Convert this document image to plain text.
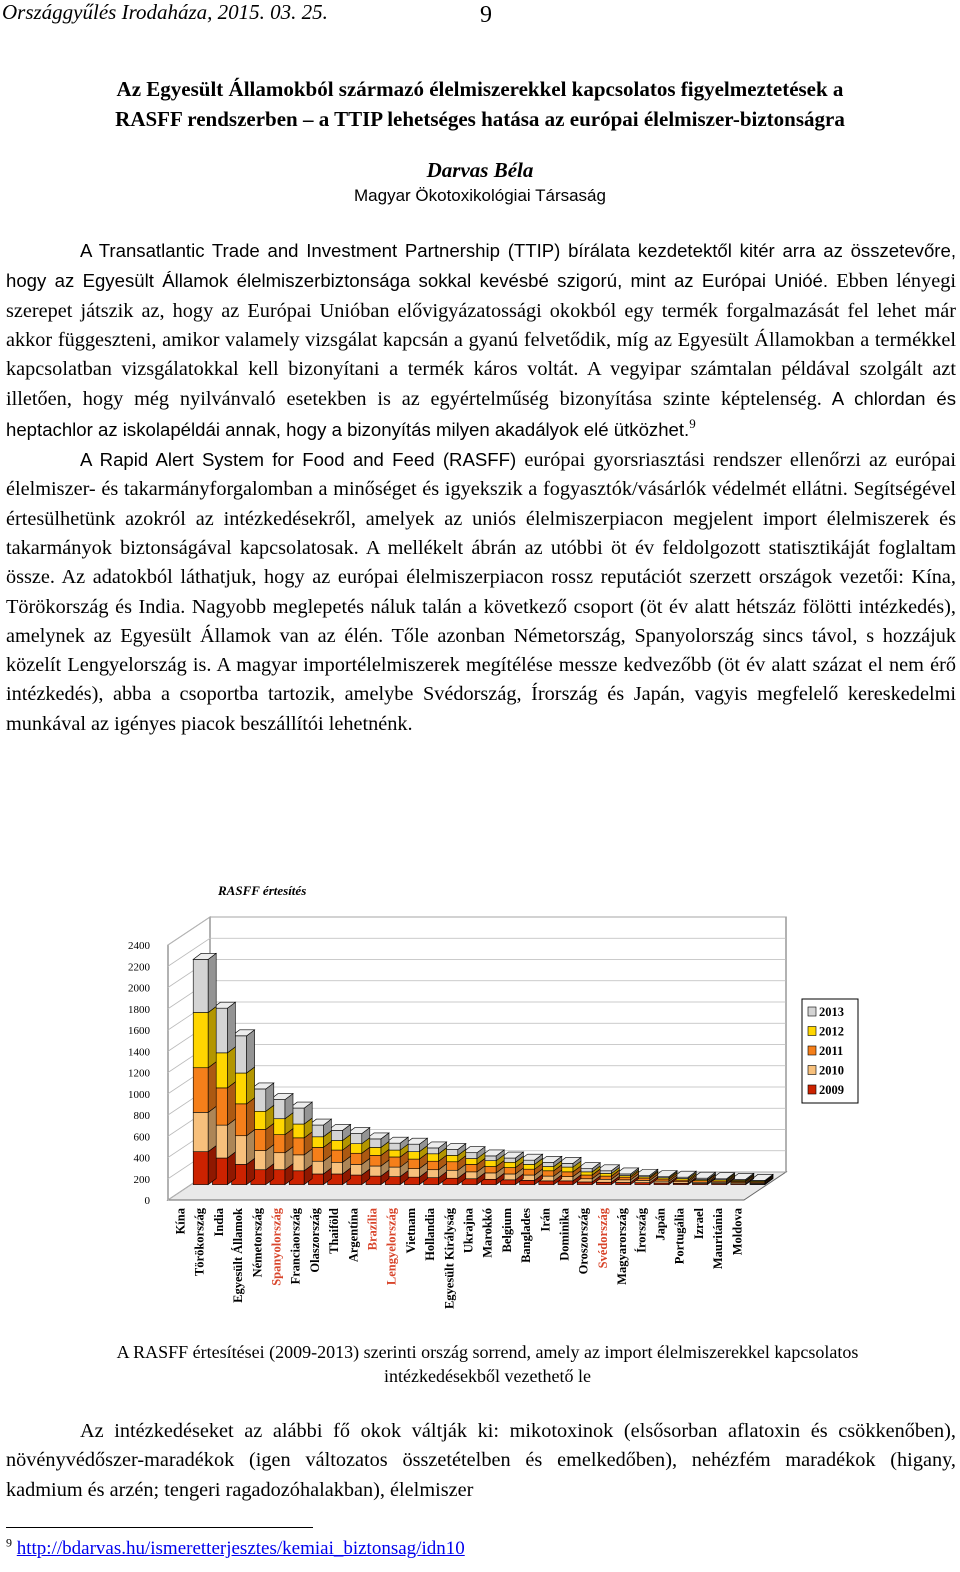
Országgyűlés Irodaháza, 2015. 03. 25.	9
Az Egyesült Államokból származó élelmiszerekkel kapcsolatos figyelmeztetések a
RASFF rendszerben – a TTIP lehetséges hatása az európai élelmiszer-biztonságra
Darvas Béla
Magyar Ökotoxikológiai Társaság
A Transatlantic Trade and Investment Partnership (TTIP) bírálata kezdetektől kitér arra az összetevőre, hogy az Egyesült Államok élelmiszerbiztonsága sokkal kevésbé szigorú, mint az Európai Unióé. Ebben lényegi szerepet játszik az, hogy az Európai Unióban elővigyázatossági okokból egy termék forgalmazását fel lehet már akkor függeszteni, amikor valamely vizsgálat kapcsán a gyanú felvetődik, míg az Egyesült Államokban a termékkel kapcsolatban vizsgálatokkal kell bizonyítani a termék káros voltát. A vegyipar számtalan példával szolgált azt illetően, hogy még nyilvánvaló esetekben is az egyértelműség bizonyítása szinte képtelenség. A chlordan és heptachlor az iskolapéldái annak, hogy a bizonyítás milyen akadályok elé ütközhet.$^9$
A Rapid Alert System for Food and Feed (RASFF) európai gyorsriasztási rendszer ellenőrzi az európai élelmiszer- és takarmányforgalomban a minőséget és igyekszik a fogyasztók/vásárlók védelmét ellátni. Segítségével értesülhetünk azokról az intézkedésekről, amelyek az uniós élelmiszerpiacon megjelent import élelmiszerek és takarmányok biztonságával kapcsolatosak. A mellékelt ábrán az utóbbi öt év feldolgozott statisztikáját foglaltam össze. Az adatokból láthatjuk, hogy az európai élelmiszerpiacon rossz reputációt szerzett országok vezetői: Kína, Törökország és India. Nagyobb meglepetés náluk talán a következő csoport (öt év alatt hétszáz fölötti intézkedés), amelynek az Egyesült Államok van az élén. Tőle azonban Németország, Spanyolország sincs távol, s hozzájuk közelít Lengyelország is. A magyar importélelmiszerek megítélése messze kedvezőbb (öt év alatt százat el nem érő intézkedés), abba a csoportba tartozik, amelybe Svédország, Írország és Japán, vagyis megfelelő kereskedelmi munkával az igényes piacok beszállítói lehetnénk.
0
200
400
600
800
1000
1200
1400
1600
1800
2000
2200
2400
RASFF értesítés
Kína Törökország India Egyesült Államok Németország Spanyolország Franciaország Olaszország Thaiföld Argentína Brazília Lengyelország Vietnam Hollandia Egyesült Királyság Ukrajna Marokkó Belgium Banglades Irán Dominika Oroszország Svédország Magyarország Írország Japán Portugália Izrael Mauritánia Moldova
2013
2012
2011
2010
2009
A RASFF értesítései (2009-2013) szerinti ország sorrend, amely az import élelmiszerekkel kapcsolatos
intézkedésekből vezethető le
Az intézkedéseket az alábbi fő okok váltják ki: mikotoxinok (elsősorban aflatoxin és csökkenőben), növényvédőszer-maradékok (igen változatos összetételben és emelkedőben), nehézfém maradékok (higany, kadmium és arzén; tengeri ragadozóhalakban), élelmiszer
$^9$ http://bdarvas.hu/ismeretterjesztes/kemiai_biztonsag/idn10
